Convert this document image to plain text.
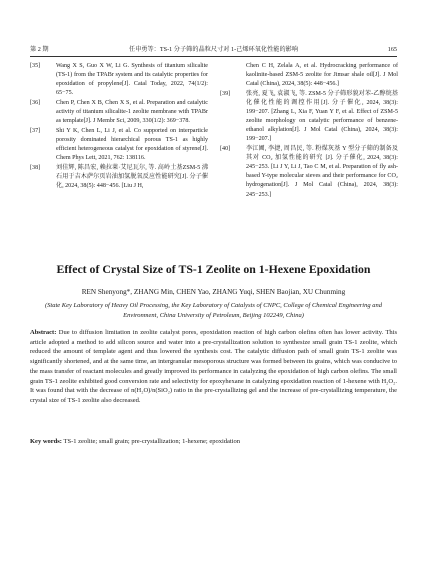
第 2 期	任申勇等：TS-1 分子筛的晶粒尺寸对 1-己烯环氧化性能的影响	165
[35]	Wang X S, Guo X W, Li G. Synthesis of titanium silicalite (TS-1) from the TPABr system and its catalytic properties for epoxidation of propylene[J]. Catal Today, 2022, 74(1/2): 65−75.
[36]	Chen P, Chen X B, Chen X S, et al. Preparation and catalytic activity of titanium silicalite-1 zeolite membrane with TPABr as template[J]. J Membr Sci, 2009, 330(1/2): 369−378.
[37]	Shi Y K, Chen L, Li J, et al. Co supported on interparticle porosity dominated hierarchical porous TS-1 as highly efficient heterogeneous catalyst for epoxidation of styrene[J]. Chem Phys Lett, 2021, 762: 138116.
[38]	刘佳辉, 陈昌宏, 赖拉莱·艾尼瓦尔, 等. 高岭土基ZSM-5 沸石用于吉木萨尔页岩油加氢脱氧反应性能研究[J]. 分子催化, 2024, 38(5): 448−456. [Liu J H,
Chen C H, Zelala A, et al. Hydrocracking performance of kaolinite-based ZSM-5 zeolite for Jimsar shale oil[J]. J Mol Catal (China), 2024, 38(5): 448−456.]
[39]	张亮, 夏飞, 袁淑飞, 等. ZSM-5 分子筛形貌对苯-乙醇烷基化催化性能的调控作用[J]. 分子催化, 2024, 38(3): 199−207. [Zhang L, Xia F, Yuan Y F, et al. Effect of ZSM-5 zeolite morphology on catalytic performance of benzene-ethanol alkylation[J]. J Mol Catal (China), 2024, 38(3): 199−207.]
[40]	李江圃, 李捷, 周昌民, 等. 粉煤灰基 Y 型分子筛的制备及其对 CO₂ 加氢性能的研究 [J]. 分子催化, 2024, 38(3): 245−253. [Li J Y, Li J, Tao C M, et al. Preparation of fly ash-based Y-type molecular sieves and their performance for CO₂ hydrogenation[J]. J Mol Catal (China), 2024, 38(3): 245−253.]
Effect of Crystal Size of TS-1 Zeolite on 1-Hexene Epoxidation
REN Shenyong*, ZHANG Min, CHEN Yao, ZHANG Yuqi, SHEN Baojian, XU Chunming
(State Key Laboratory of Heavy Oil Processing, the Key Laboratory of Catalysts of CNPC, College of Chemical Engineering and Environment, China University of Petroleum, Beijing 102249, China)
Abstract: Due to diffusion limitation in zeolite catalyst pores, epoxidation reaction of high carbon olefins often has lower activity. This article adopted a method to add silicon source and water into a pre-crystallization solution to synthesize small grain TS-1 zeolite, which reduced the amount of template agent and thus lowered the synthesis cost. The catalytic diffusion path of small grain TS-1 zeolite was significantly shortened, and at the same time, an intergranular mesoporous structure was formed between its grains, which was conducive to the mass transfer of reactant molecules and greatly improved its performance in catalyzing the epoxidation of high carbon olefins. The small grain TS-1 zeolite exhibited good conversion rate and selectivity for epoxyhexane in catalyzing epoxidation reaction of 1-hexene with H₂O₂. It was found that with the decrease of n(H₂O)/n(SiO₂) ratio in the pre-crystallizing gel and the increase of pre-crystallizing temperature, the crystal size of TS-1 zeolite also decreased.
Key words: TS-1 zeolite; small grain; pre-crystallization; 1-hexene; epoxidation
